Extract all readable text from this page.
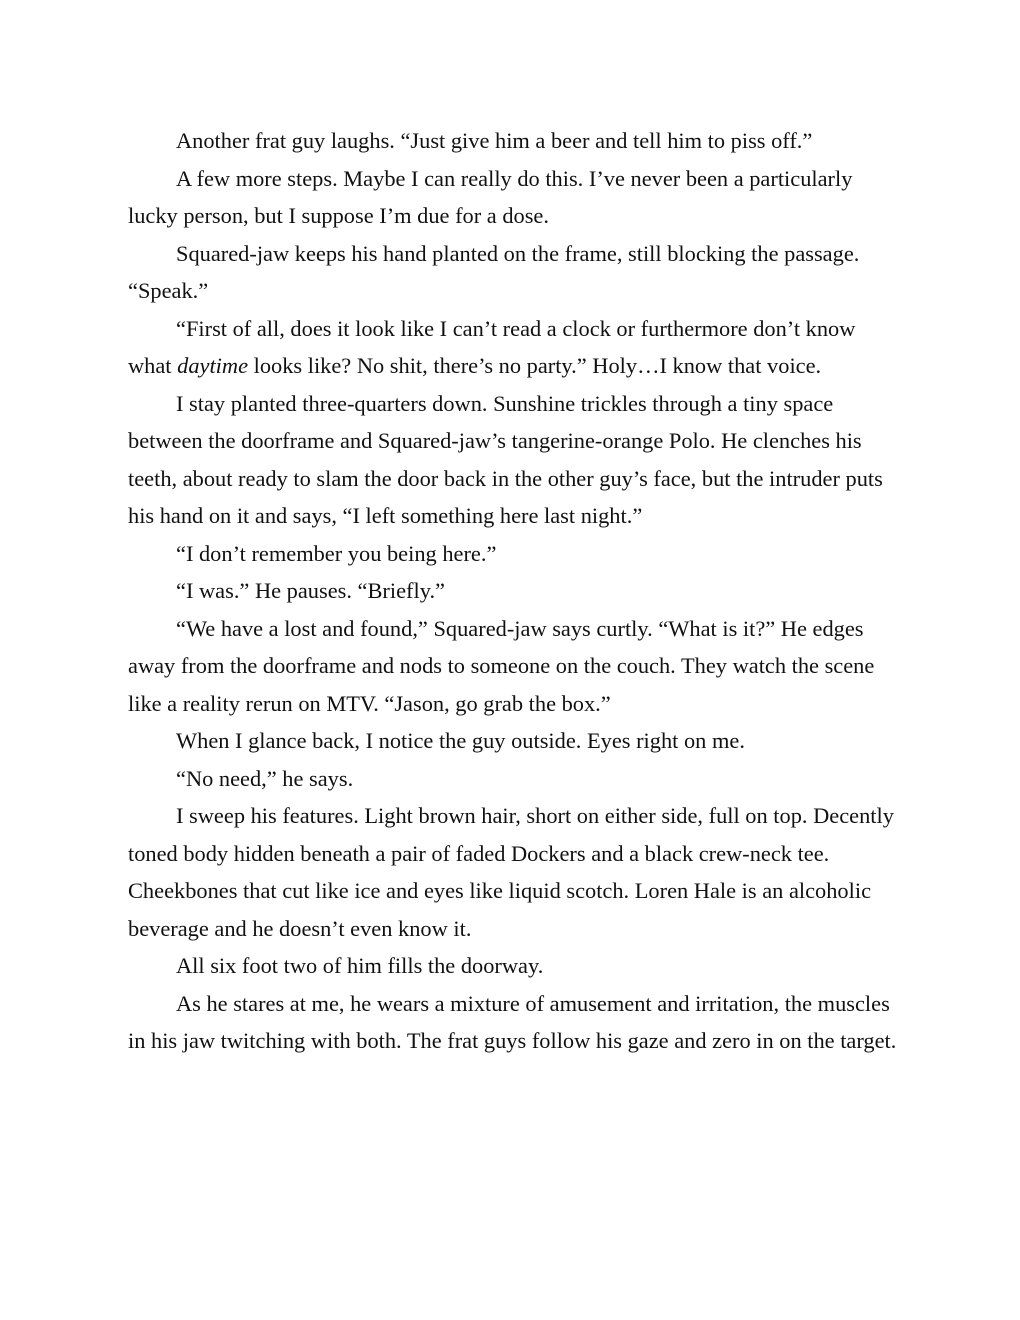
Another frat guy laughs. “Just give him a beer and tell him to piss off.”

A few more steps. Maybe I can really do this. I’ve never been a particularly lucky person, but I suppose I’m due for a dose.

Squared-jaw keeps his hand planted on the frame, still blocking the passage. “Speak.”

“First of all, does it look like I can’t read a clock or furthermore don’t know what daytime looks like? No shit, there’s no party.” Holy…I know that voice.

I stay planted three-quarters down. Sunshine trickles through a tiny space between the doorframe and Squared-jaw’s tangerine-orange Polo. He clenches his teeth, about ready to slam the door back in the other guy’s face, but the intruder puts his hand on it and says, “I left something here last night.”

“I don’t remember you being here.”

“I was.” He pauses. “Briefly.”

“We have a lost and found,” Squared-jaw says curtly. “What is it?” He edges away from the doorframe and nods to someone on the couch. They watch the scene like a reality rerun on MTV. “Jason, go grab the box.”

When I glance back, I notice the guy outside. Eyes right on me.

“No need,” he says.

I sweep his features. Light brown hair, short on either side, full on top. Decently toned body hidden beneath a pair of faded Dockers and a black crew-neck tee. Cheekbones that cut like ice and eyes like liquid scotch. Loren Hale is an alcoholic beverage and he doesn’t even know it.

All six foot two of him fills the doorway.

As he stares at me, he wears a mixture of amusement and irritation, the muscles in his jaw twitching with both. The frat guys follow his gaze and zero in on the target.
